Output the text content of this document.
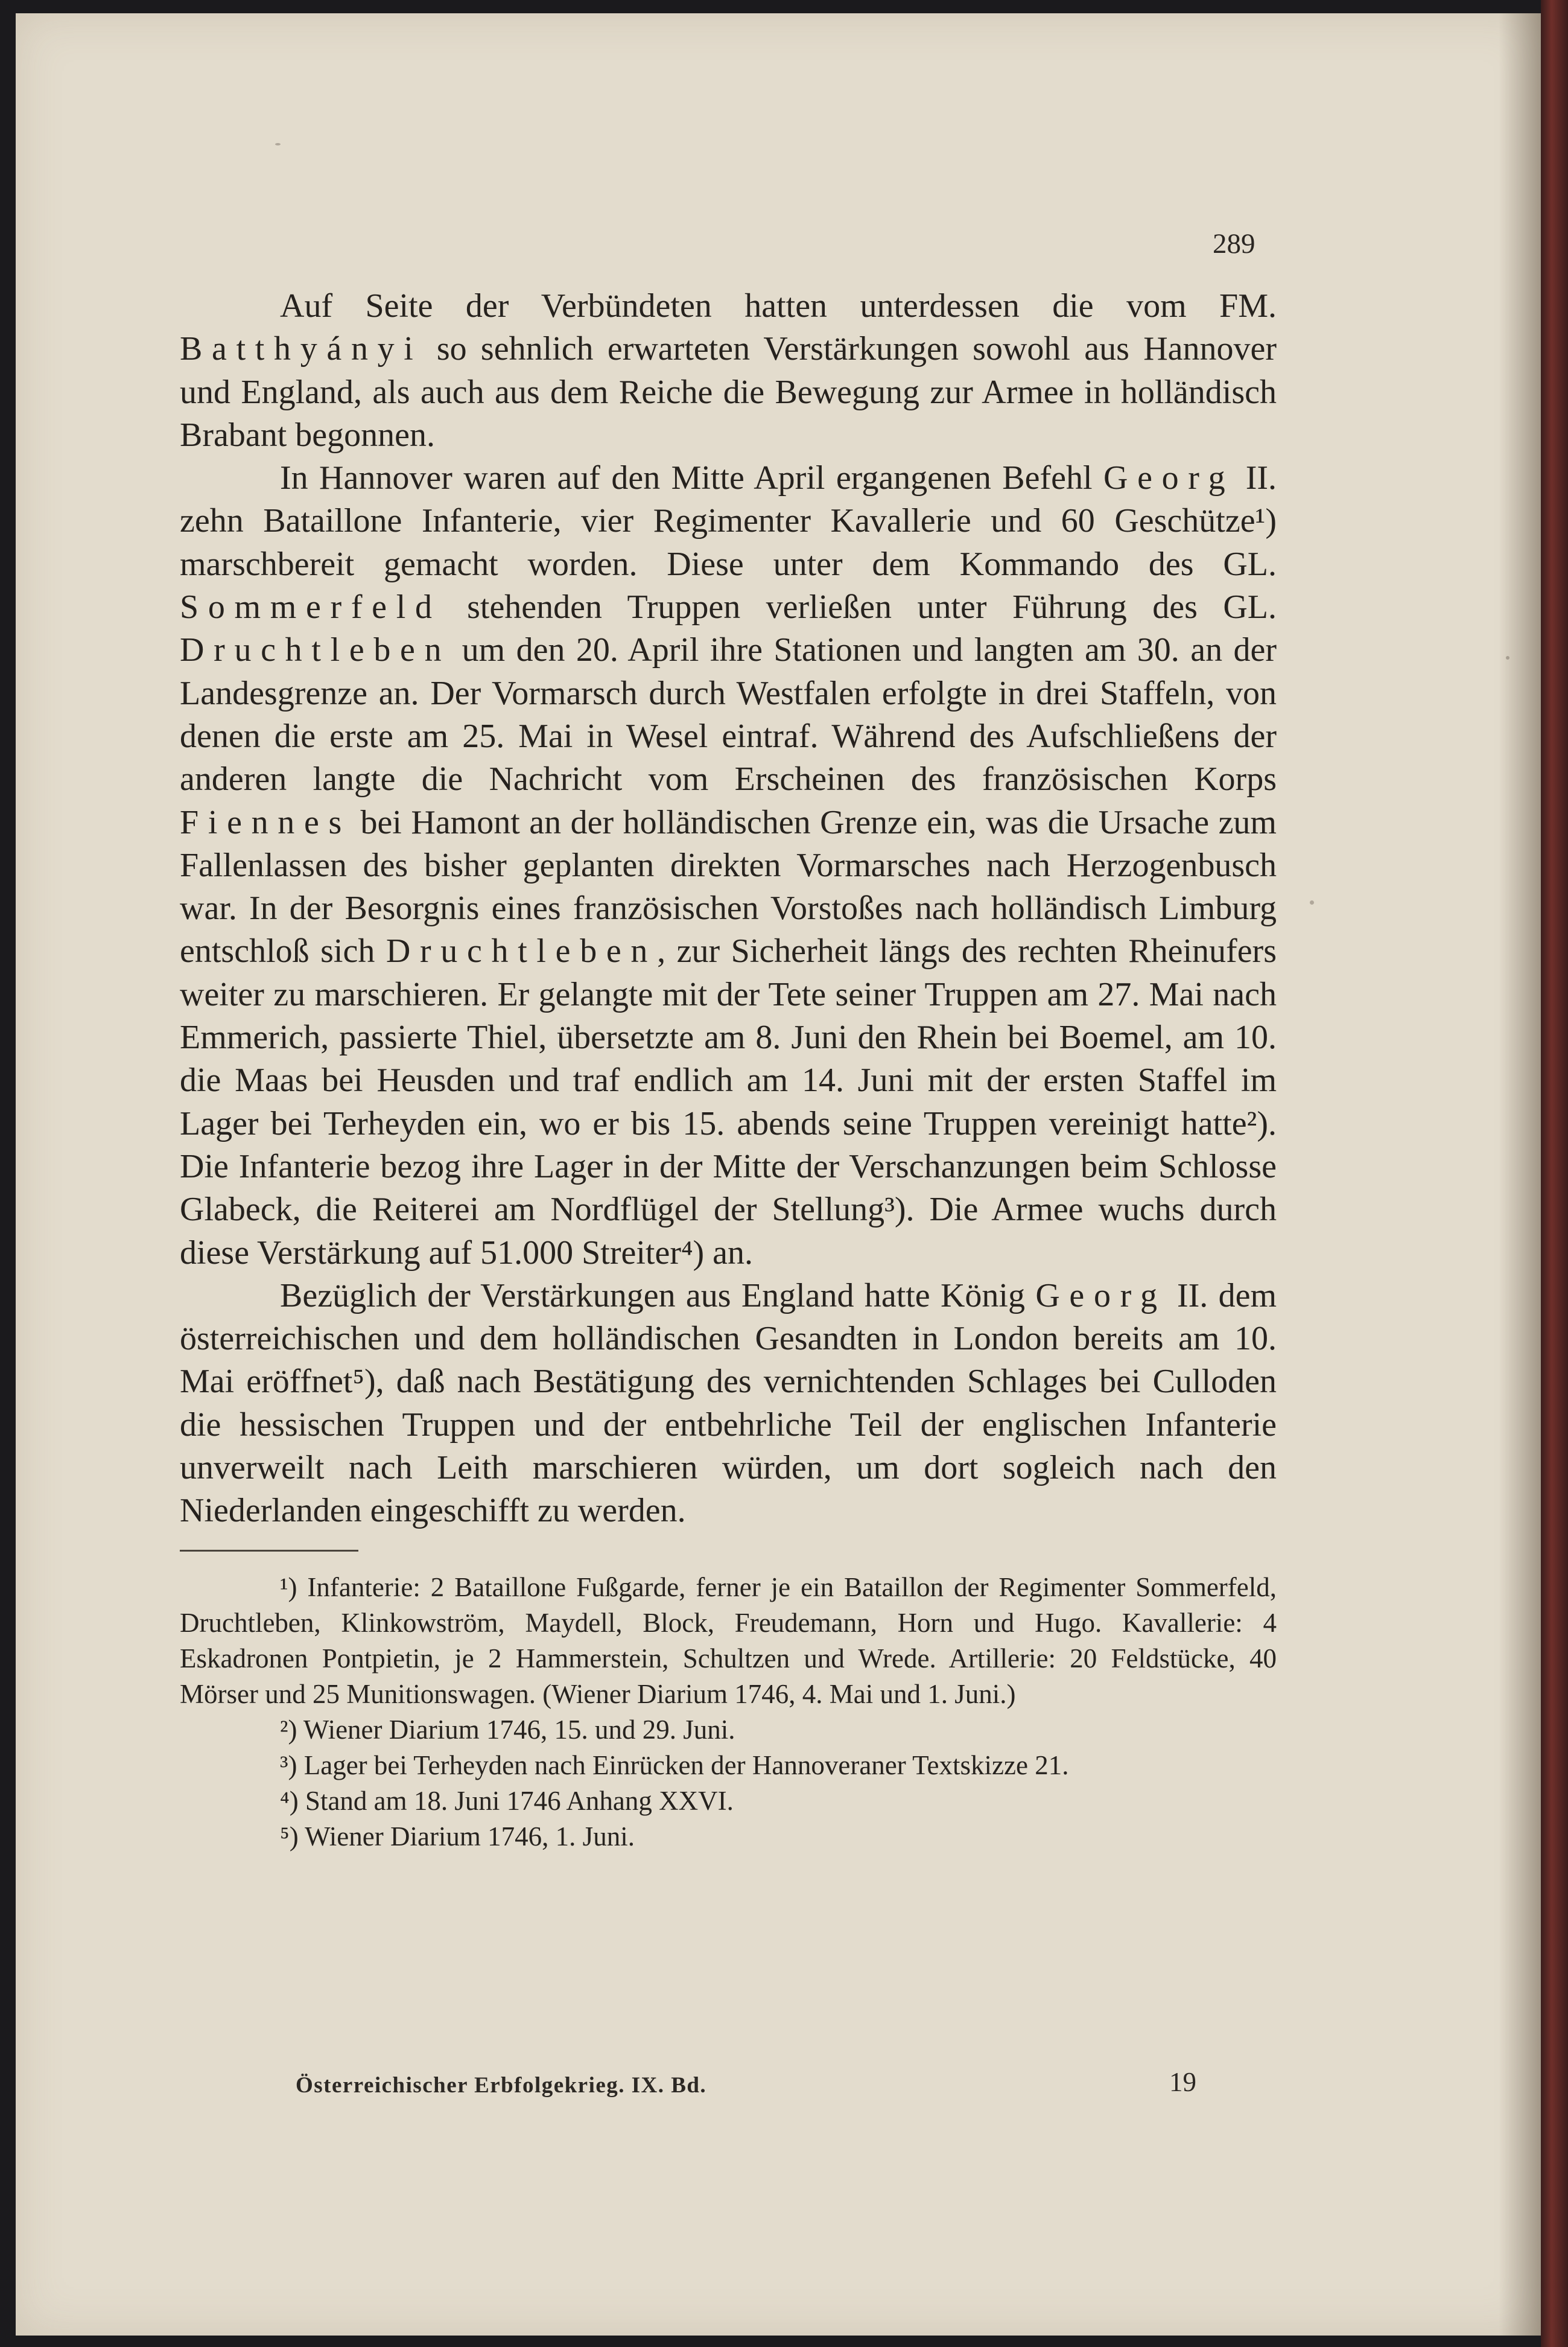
289

Auf Seite der Verbündeten hatten unterdessen die vom FM. Batthyányi so sehnlich erwarteten Verstärkungen sowohl aus Hannover und England, als auch aus dem Reiche die Bewegung zur Armee in holländisch Brabant begonnen.

In Hannover waren auf den Mitte April ergangenen Befehl Georg II. zehn Bataillone Infanterie, vier Regimenter Kavallerie und 60 Geschütze¹) marschbereit gemacht worden. Diese unter dem Kommando des GL. Sommerfeld stehenden Truppen verließen unter Führung des GL. Druchtleben um den 20. April ihre Stationen und langten am 30. an der Landesgrenze an. Der Vormarsch durch Westfalen erfolgte in drei Staffeln, von denen die erste am 25. Mai in Wesel eintraf. Während des Aufschließens der anderen langte die Nachricht vom Erscheinen des französischen Korps Fiennes bei Hamont an der holländischen Grenze ein, was die Ursache zum Fallenlassen des bisher geplanten direkten Vormarsches nach Herzogenbusch war. In der Besorgnis eines französischen Vorstoßes nach holländisch Limburg entschloß sich Druchtleben, zur Sicherheit längs des rechten Rheinufers weiter zu marschieren. Er gelangte mit der Tete seiner Truppen am 27. Mai nach Emmerich, passierte Thiel, übersetzte am 8. Juni den Rhein bei Boemel, am 10. die Maas bei Heusden und traf endlich am 14. Juni mit der ersten Staffel im Lager bei Terheyden ein, wo er bis 15. abends seine Truppen vereinigt hatte²). Die Infanterie bezog ihre Lager in der Mitte der Verschanzungen beim Schlosse Glabeck, die Reiterei am Nordflügel der Stellung³). Die Armee wuchs durch diese Verstärkung auf 51.000 Streiter⁴) an.

Bezüglich der Verstärkungen aus England hatte König Georg II. dem österreichischen und dem holländischen Gesandten in London bereits am 10. Mai eröffnet⁵), daß nach Bestätigung des vernichtenden Schlages bei Culloden die hessischen Truppen und der entbehrliche Teil der englischen Infanterie unverweilt nach Leith marschieren würden, um dort sogleich nach den Niederlanden eingeschifft zu werden.

¹) Infanterie: 2 Bataillone Fußgarde, ferner je ein Bataillon der Regimenter Sommerfeld, Druchtleben, Klinkowström, Maydell, Block, Freudemann, Horn und Hugo. Kavallerie: 4 Eskadronen Pontpietin, je 2 Hammerstein, Schultzen und Wrede. Artillerie: 20 Feldstücke, 40 Mörser und 25 Munitionswagen. (Wiener Diarium 1746, 4. Mai und 1. Juni.)

²) Wiener Diarium 1746, 15. und 29. Juni.

³) Lager bei Terheyden nach Einrücken der Hannoveraner Textskizze 21.

⁴) Stand am 18. Juni 1746 Anhang XXVI.

⁵) Wiener Diarium 1746, 1. Juni.

Österreichischer Erbfolgekrieg. IX. Bd.	19
